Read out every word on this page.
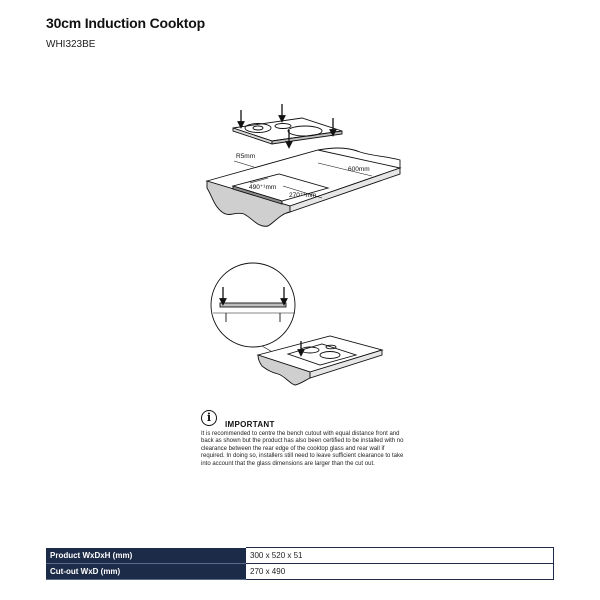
30cm Induction Cooktop
WHI323BE
R5mm
600mm
490⁺¹mm
270⁺¹mm
i
IMPORTANT
It is recommended to centre the bench cutout with equal distance front and back as shown but the product has also been certified to be installed with no clearance between the rear edge of the cooktop glass and rear wall if required. In doing so, installers still need to leave sufficient clearance to take into account that the glass dimensions are larger than the cut out.
Product WxDxH (mm)	300 x 520 x 51
Cut-out WxD (mm)	270 x 490
